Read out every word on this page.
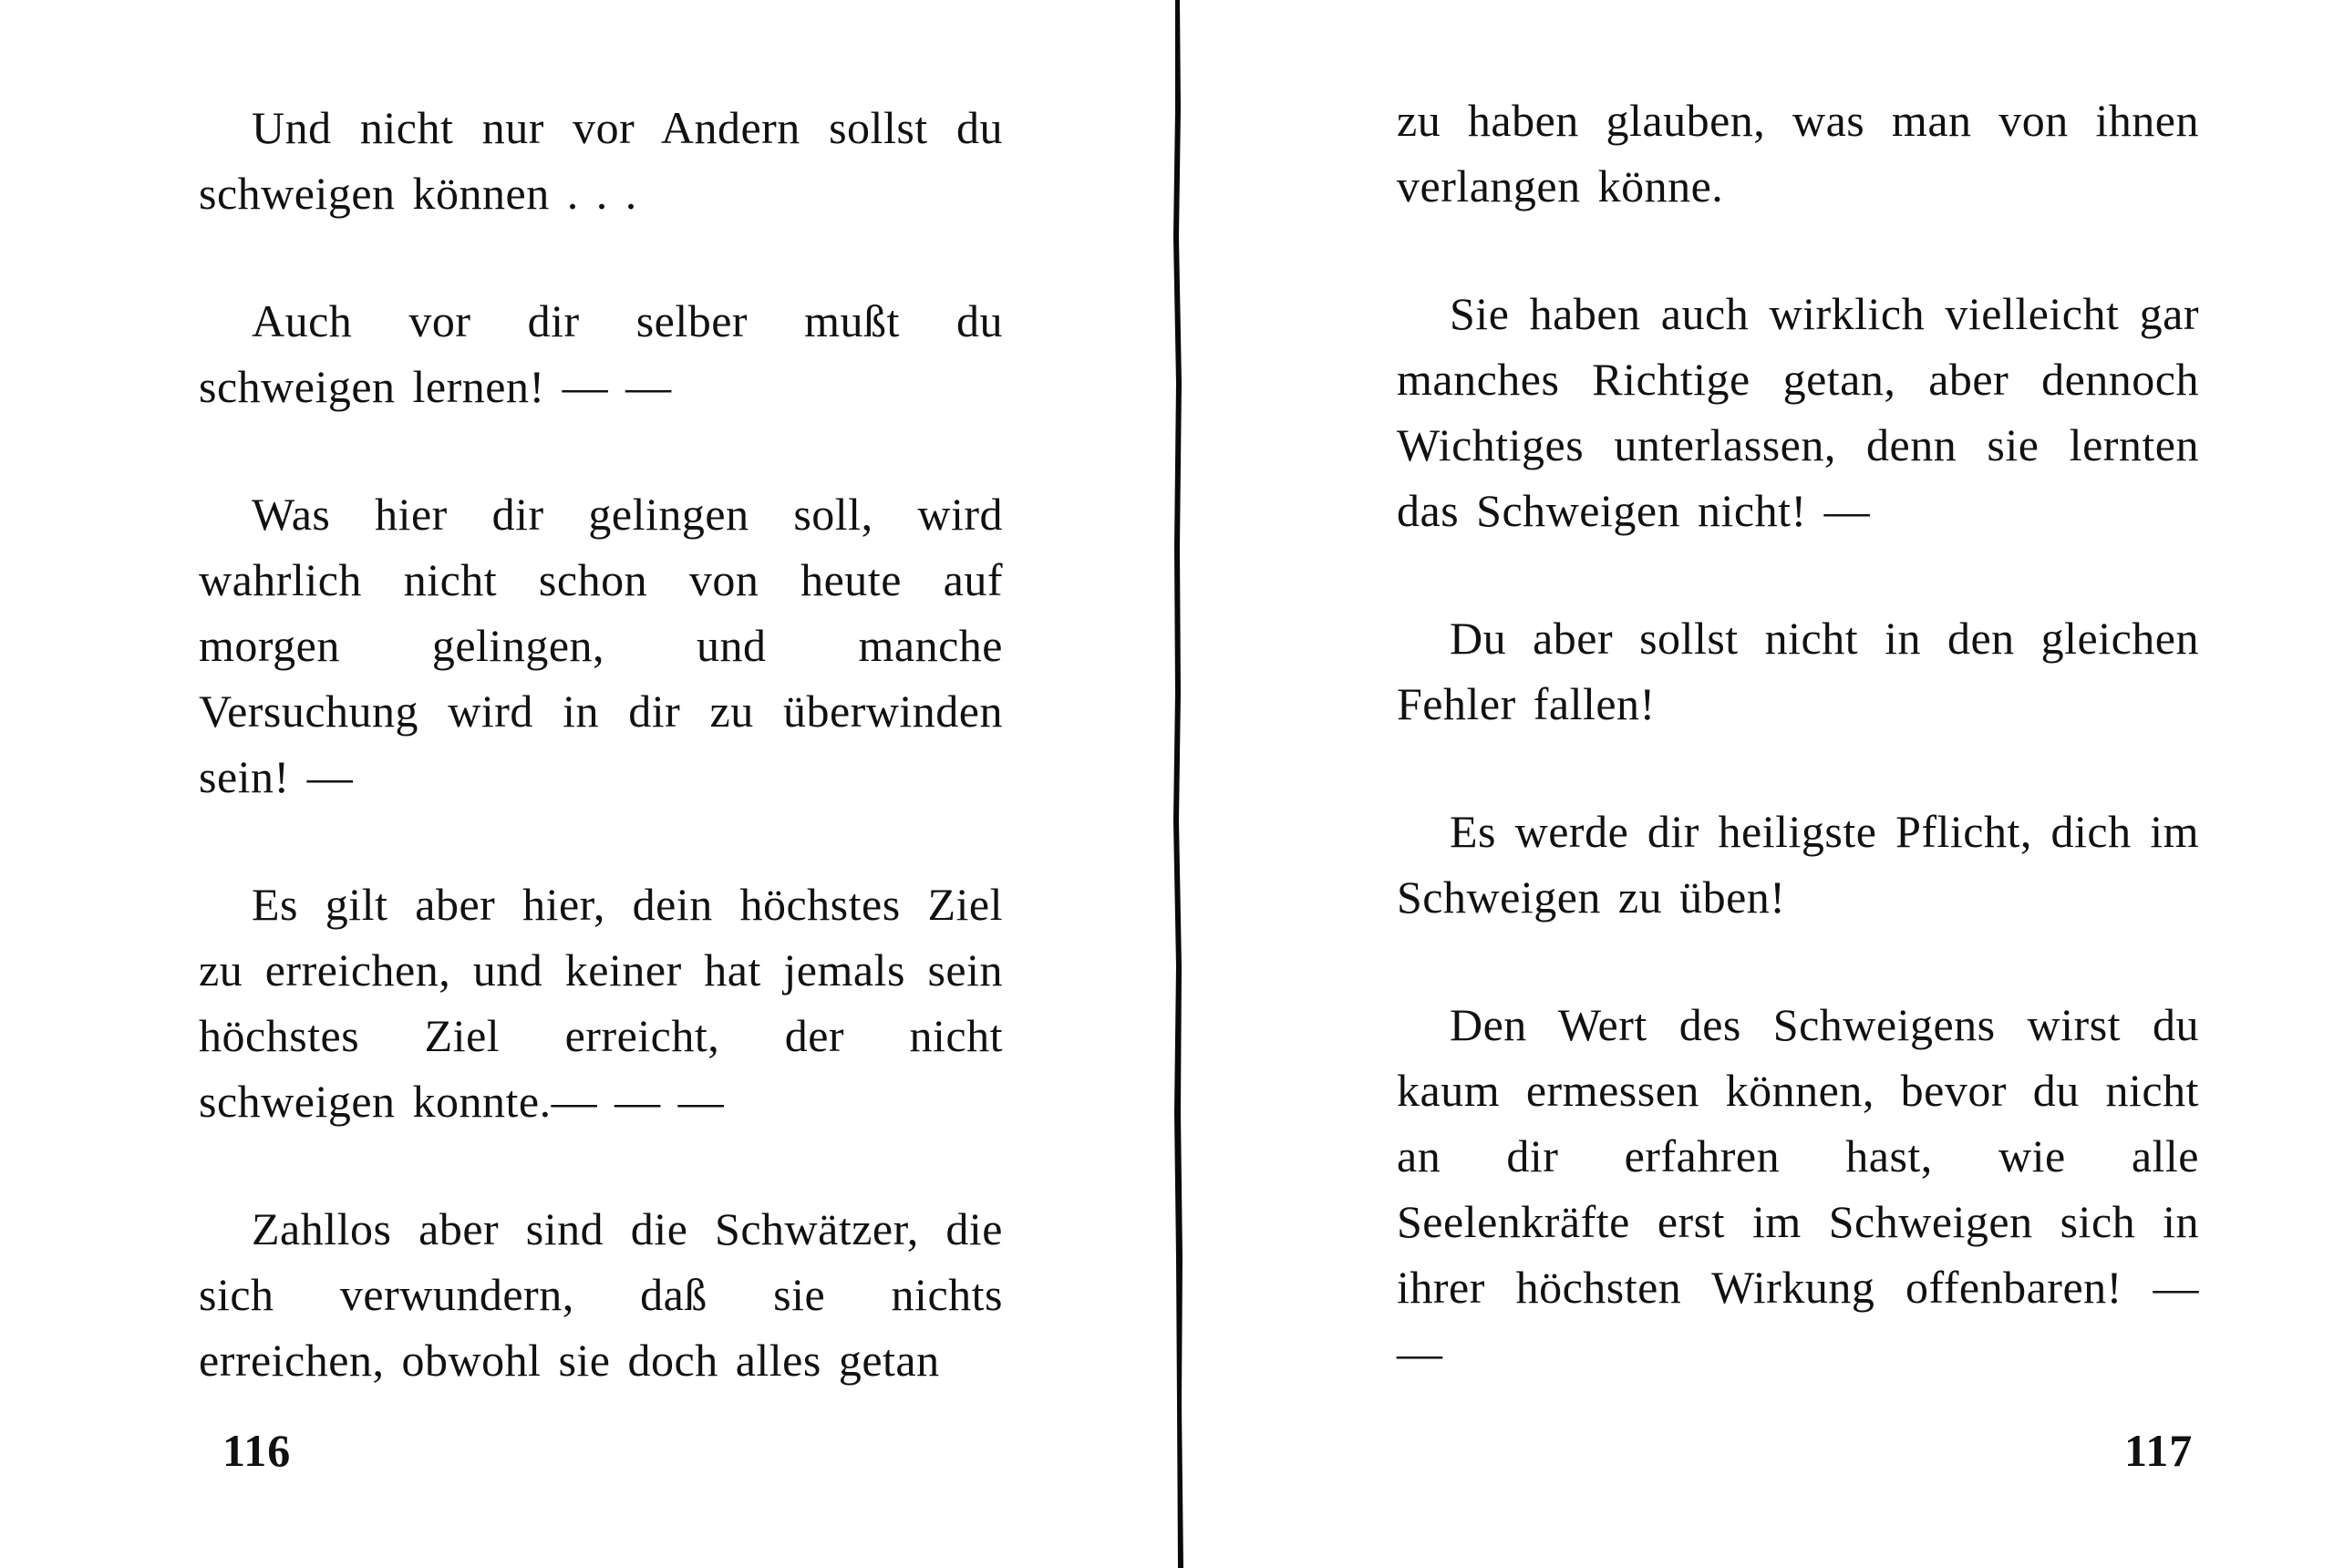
Und nicht nur vor Andern sollst du schweigen können . . .

Auch vor dir selber mußt du schweigen lernen! — —

Was hier dir gelingen soll, wird wahrlich nicht schon von heute auf morgen gelingen, und manche Versuchung wird in dir zu überwinden sein! —

Es gilt aber hier, dein höchstes Ziel zu erreichen, und keiner hat jemals sein höchstes Ziel erreicht, der nicht schweigen konnte.— — —

Zahllos aber sind die Schwätzer, die sich verwundern, daß sie nichts erreichen, obwohl sie doch alles getan

116

zu haben glauben, was man von ihnen verlangen könne.

Sie haben auch wirklich vielleicht gar manches Richtige getan, aber dennoch Wichtiges unterlassen, denn sie lernten das Schweigen nicht! —

Du aber sollst nicht in den gleichen Fehler fallen!

Es werde dir heiligste Pflicht, dich im Schweigen zu üben!

Den Wert des Schweigens wirst du kaum ermessen können, bevor du nicht an dir erfahren hast, wie alle Seelenkräfte erst im Schweigen sich in ihrer höchsten Wirkung offenbaren! — —

117
